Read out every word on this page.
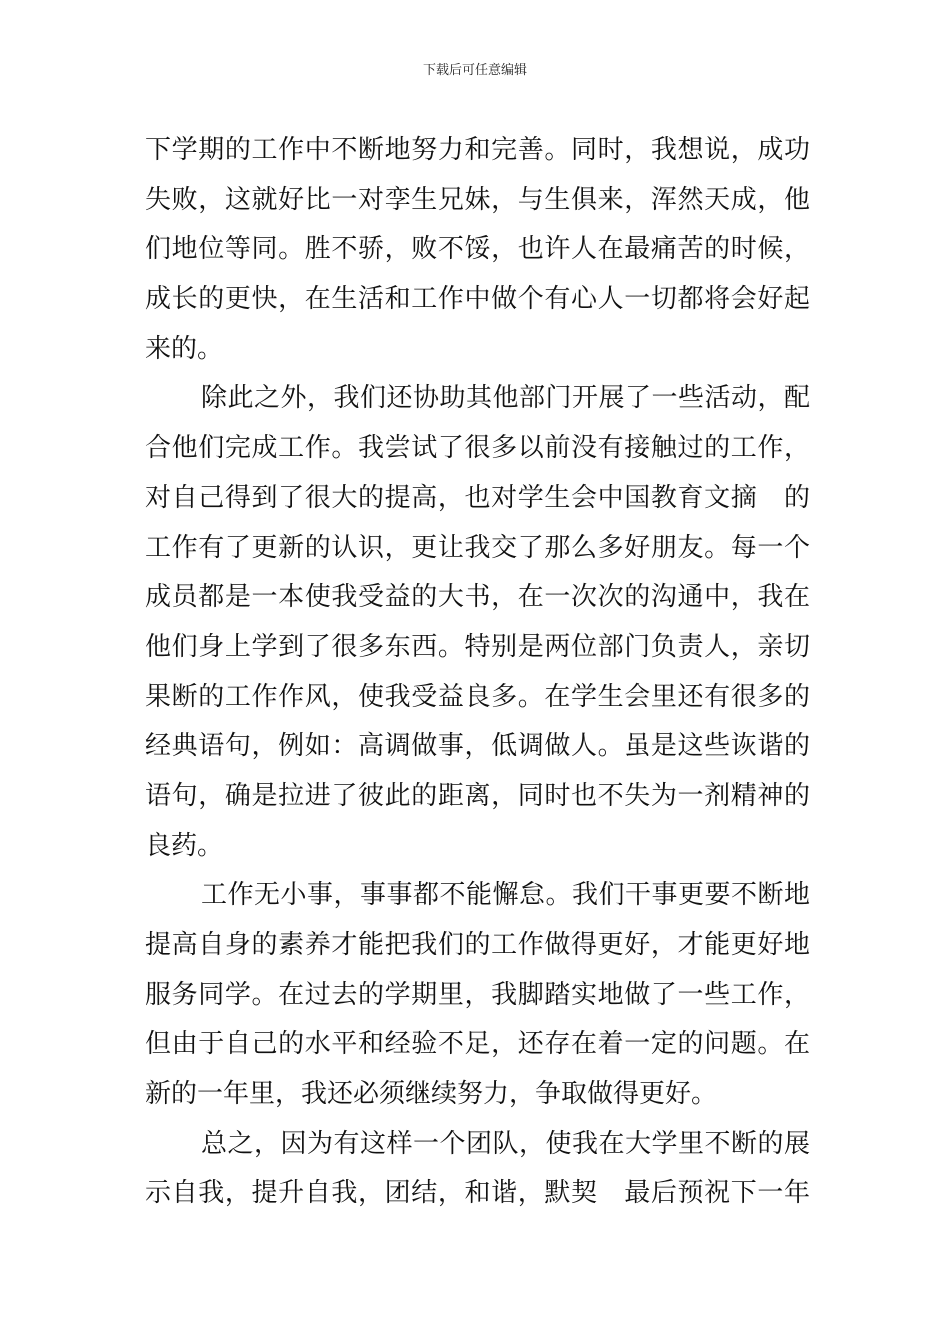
下载后可任意编辑
下学期的工作中不断地努力和完善。同时，我想说，成功
失败，这就好比一对孪生兄妹，与生俱来，浑然天成，他
们地位等同。胜不骄，败不馁，也许人在最痛苦的时候，
成长的更快，在生活和工作中做个有心人一切都将会好起
来的。
除此之外，我们还协助其他部门开展了一些活动，配
合他们完成工作。我尝试了很多以前没有接触过的工作，
对自己得到了很大的提高，也对学生会中国教育文摘　的
工作有了更新的认识，更让我交了那么多好朋友。每一个
成员都是一本使我受益的大书，在一次次的沟通中，我在
他们身上学到了很多东西。特别是两位部门负责人，亲切
果断的工作作风，使我受益良多。在学生会里还有很多的
经典语句，例如：高调做事，低调做人。虽是这些诙谐的
语句，确是拉进了彼此的距离，同时也不失为一剂精神的
良药。
工作无小事，事事都不能懈怠。我们干事更要不断地
提高自身的素养才能把我们的工作做得更好，才能更好地
服务同学。在过去的学期里，我脚踏实地做了一些工作，
但由于自己的水平和经验不足，还存在着一定的问题。在
新的一年里，我还必须继续努力，争取做得更好。
总之，因为有这样一个团队，使我在大学里不断的展
示自我，提升自我，团结，和谐，默契　最后预祝下一年
